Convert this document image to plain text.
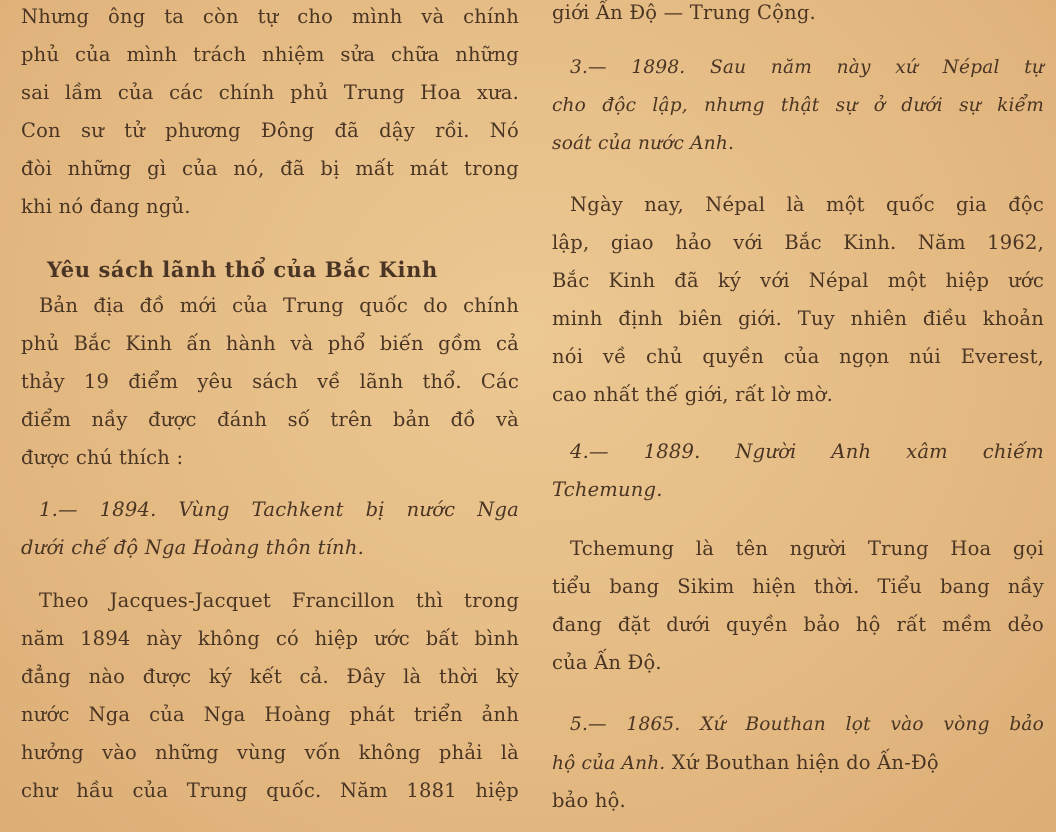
Nhưng ông ta còn tự cho mình và chính
phủ của mình trách nhiệm sửa chữa những
sai lầm của các chính phủ Trung Hoa xưa.
Con sư tử phương Đông đã dậy rồi. Nó
đòi những gì của nó, đã bị mất mát trong
khi nó đang ngủ.
Yêu sách lãnh thổ của Bắc Kinh
Bản địa đồ mới của Trung quốc do chính
phủ Bắc Kinh ấn hành và phổ biến gồm cả
thảy 19 điểm yêu sách về lãnh thổ. Các
điểm nầy được đánh số trên bản đồ và
được chú thích :
1.— 1894. Vùng Tachkent bị nước Nga
dưới chế độ Nga Hoàng thôn tính.
Theo Jacques-Jacquet Francillon thì trong
năm 1894 này không có hiệp ước bất bình
đẳng nào được ký kết cả. Đây là thời kỳ
nước Nga của Nga Hoàng phát triển ảnh
hưởng vào những vùng vốn không phải là
chư hầu của Trung quốc. Năm 1881 hiệp
giới Ấn Độ — Trung Cộng.
3.— 1898. Sau năm này xứ Népal tự
cho độc lập, nhưng thật sự ở dưới sự kiểm
soát của nước Anh.
Ngày nay, Népal là một quốc gia độc
lập, giao hảo với Bắc Kinh. Năm 1962,
Bắc Kinh đã ký với Népal một hiệp ước
minh định biên giới. Tuy nhiên điều khoản
nói về chủ quyền của ngọn núi Everest,
cao nhất thế giới, rất lờ mờ.
4.— 1889. Người Anh xâm chiếm
Tchemung.
Tchemung là tên người Trung Hoa gọi
tiểu bang Sikim hiện thời. Tiểu bang nầy
đang đặt dưới quyền bảo hộ rất mềm dẻo
của Ấn Độ.
5.— 1865. Xứ Bouthan lọt vào vòng bảo
hộ của Anh. Xứ Bouthan hiện do Ấn-Độ
bảo hộ.
